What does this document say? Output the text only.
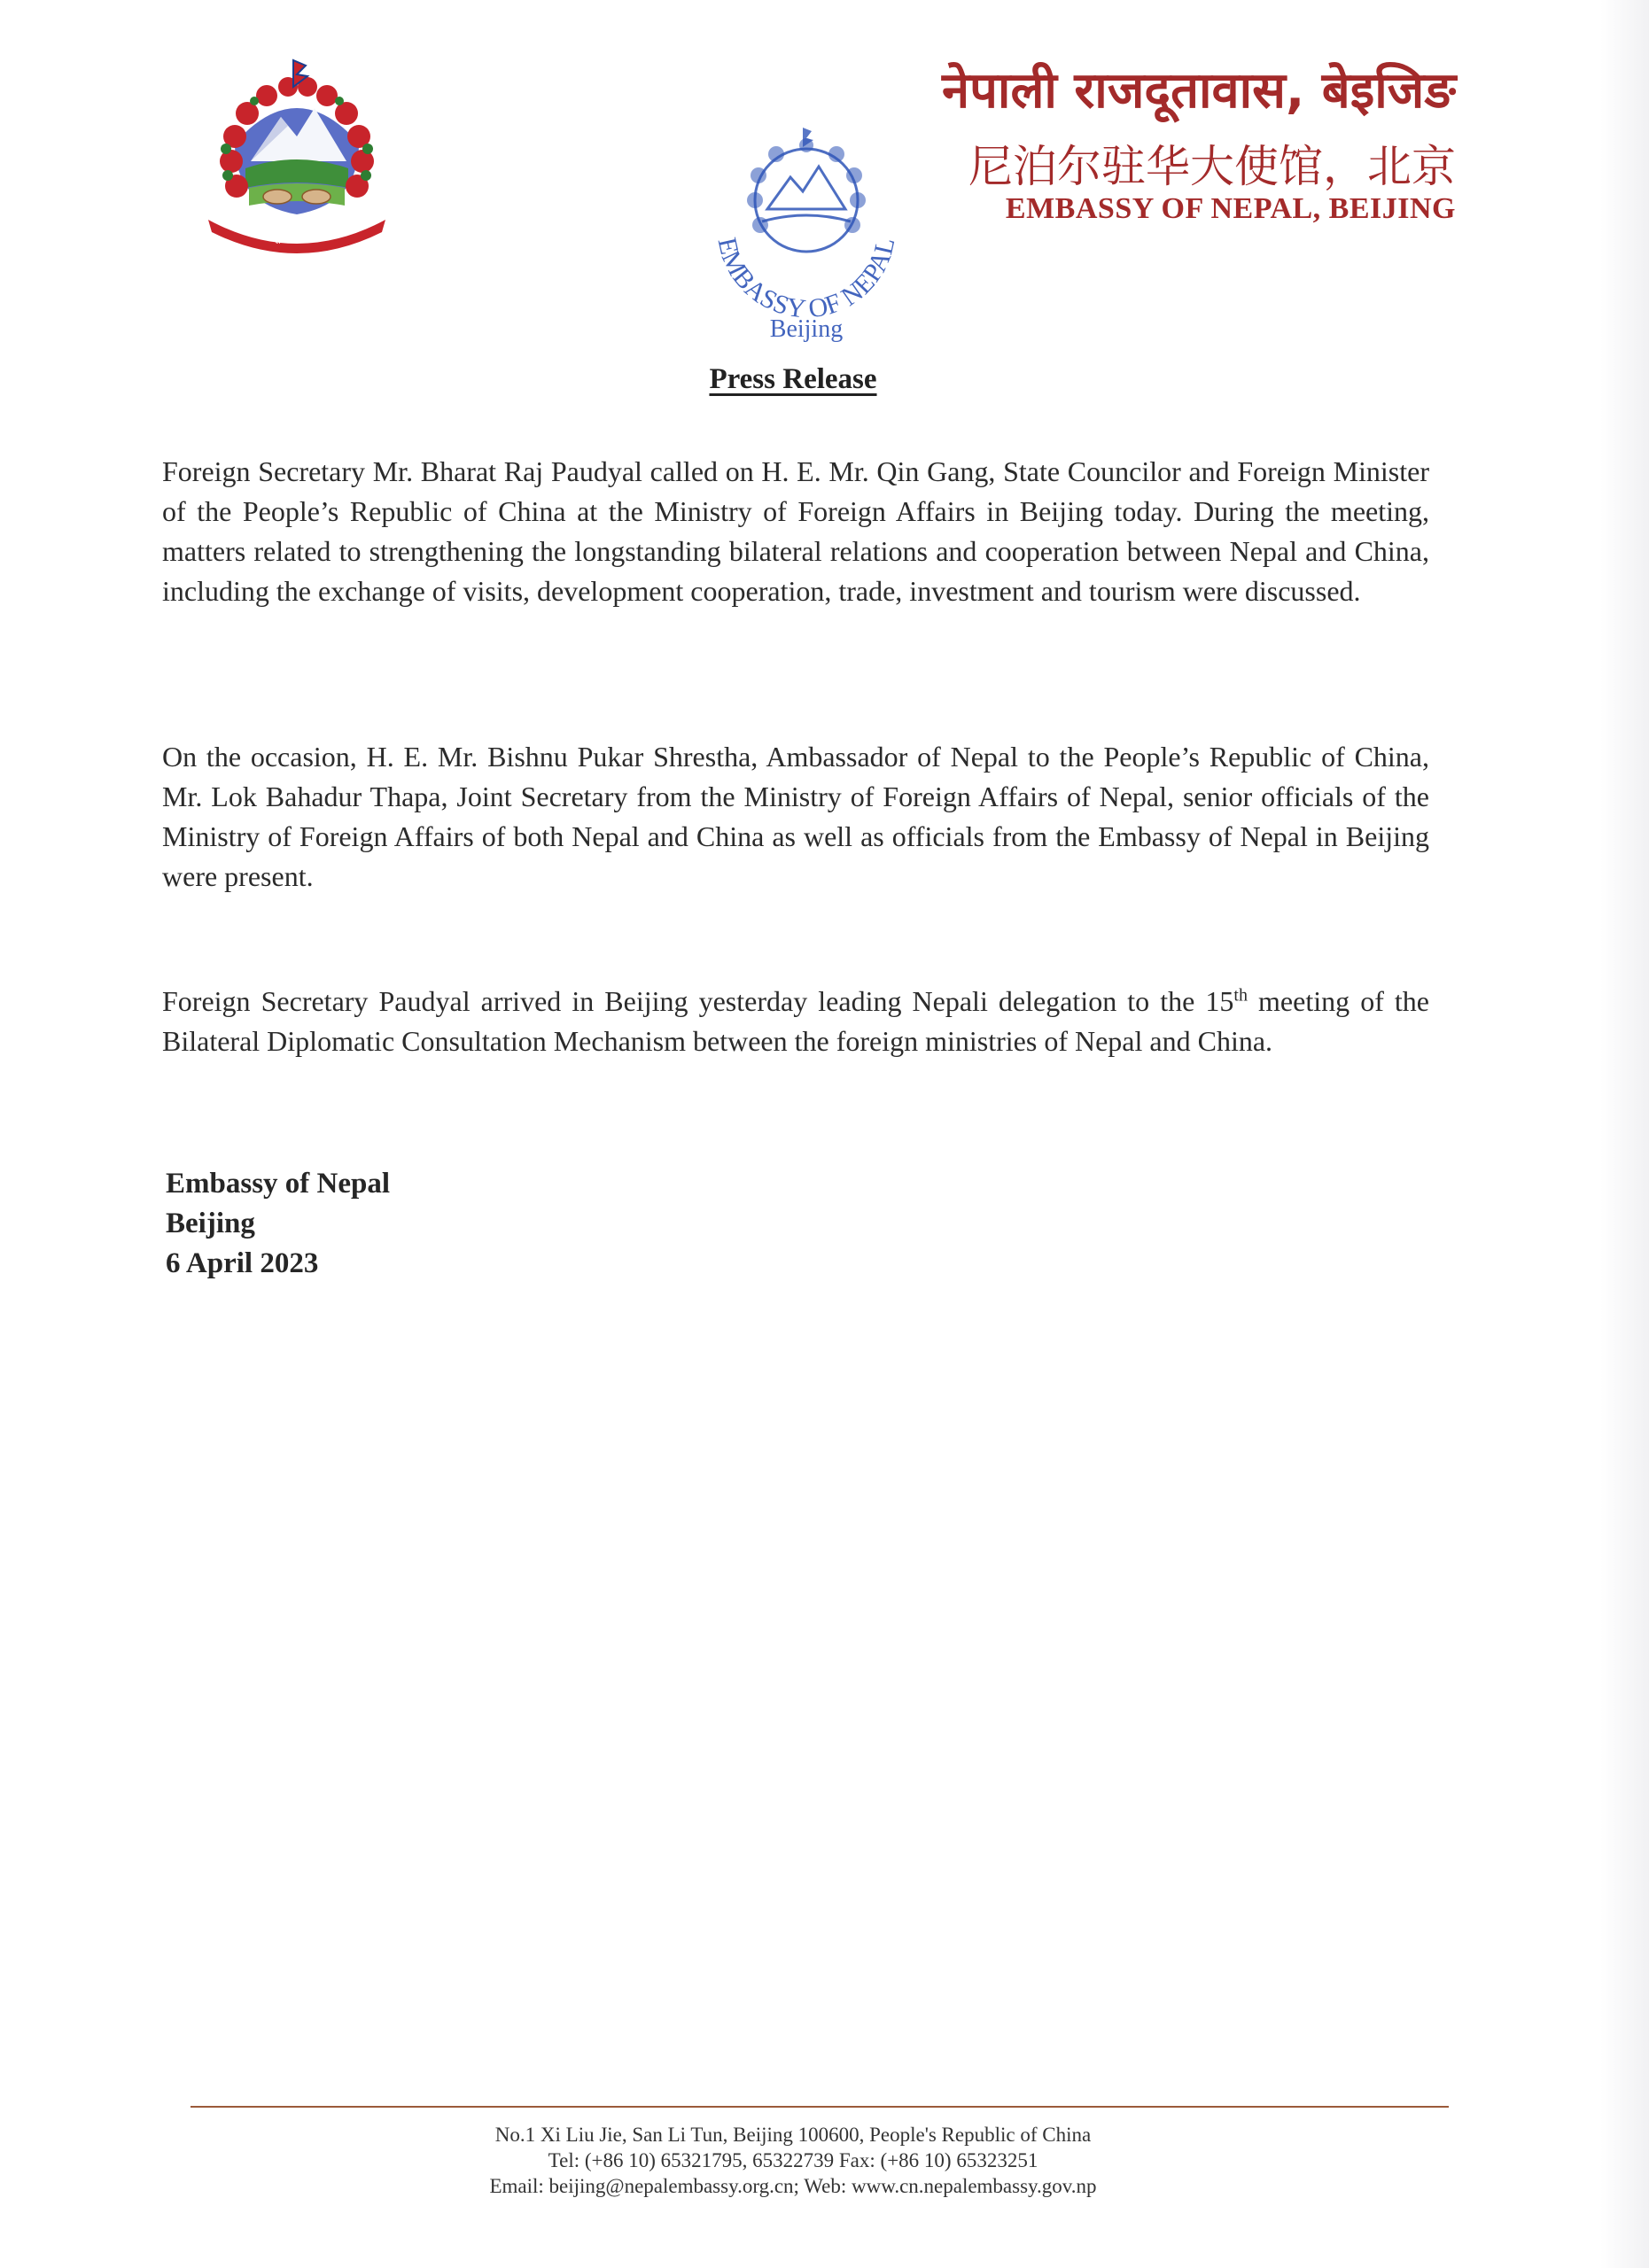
जननी जन्मभूमिश्च स्वर्गादपि गरीयसी
EMBASSY OF NEPAL
Beijing
नेपाली राजदूतावास, बेइजिङ
尼泊尔驻华大使馆，北京
EMBASSY OF NEPAL, BEIJING
Press Release

Foreign Secretary Mr. Bharat Raj Paudyal called on H. E. Mr. Qin Gang, State Councilor and Foreign Minister of the People’s Republic of China at the Ministry of Foreign Affairs in Beijing today. During the meeting, matters related to strengthening the longstanding bilateral relations and cooperation between Nepal and China, including the exchange of visits, development cooperation, trade, investment and tourism were discussed.

On the occasion, H. E. Mr. Bishnu Pukar Shrestha, Ambassador of Nepal to the People’s Republic of China, Mr. Lok Bahadur Thapa, Joint Secretary from the Ministry of Foreign Affairs of Nepal, senior officials of the Ministry of Foreign Affairs of both Nepal and China as well as officials from the Embassy of Nepal in Beijing were present.

Foreign Secretary Paudyal arrived in Beijing yesterday leading Nepali delegation to the 15th meeting of the Bilateral Diplomatic Consultation Mechanism between the foreign ministries of Nepal and China.

Embassy of Nepal
Beijing
6 April 2023
No.1 Xi Liu Jie, San Li Tun, Beijing 100600, People's Republic of China
Tel: (+86 10) 65321795, 65322739 Fax: (+86 10) 65323251
Email: beijing@nepalembassy.org.cn; Web: www.cn.nepalembassy.gov.np
